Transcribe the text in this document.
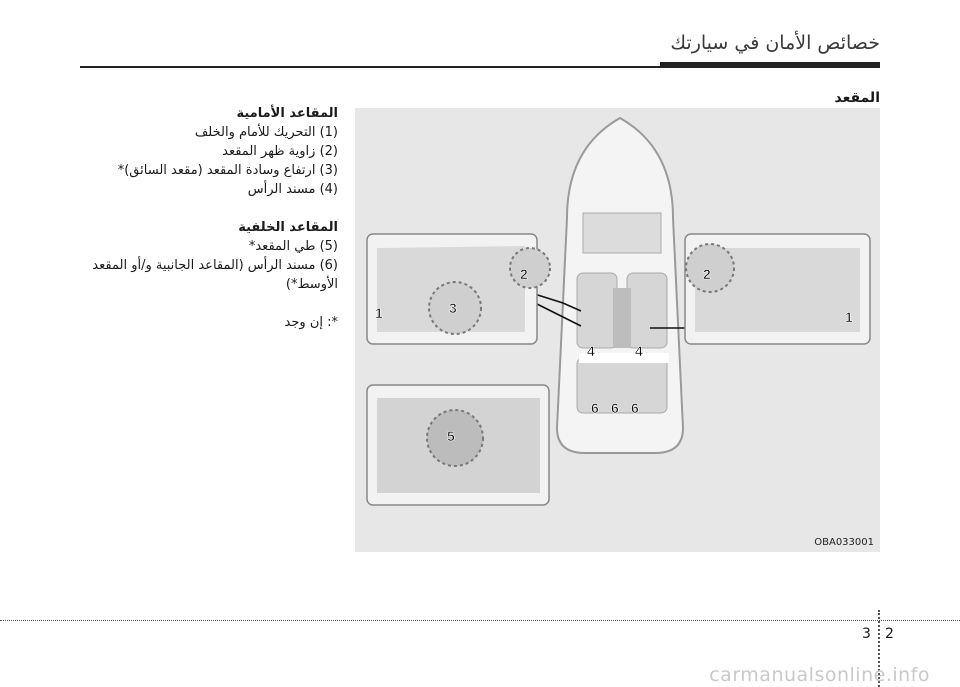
خصائص الأمان في سيارتك
المقعد
1	3
2	2
1
5
4	4
6 6 6
OBA033001
المقاعد الأمامية
(1) التحريك للأمام والخلف
(2) زاوية ظهر المقعد
(3) ارتفاع وسادة المقعد (مقعد السائق)*
(4) مسند الرأس
المقاعد الخلفية
(5) طي المقعد*
(6) مسند الرأس (المقاعد الجانبية و/أو المقعد الأوسط*)
*: إن وجد
3 2
carmanualsonline.info
